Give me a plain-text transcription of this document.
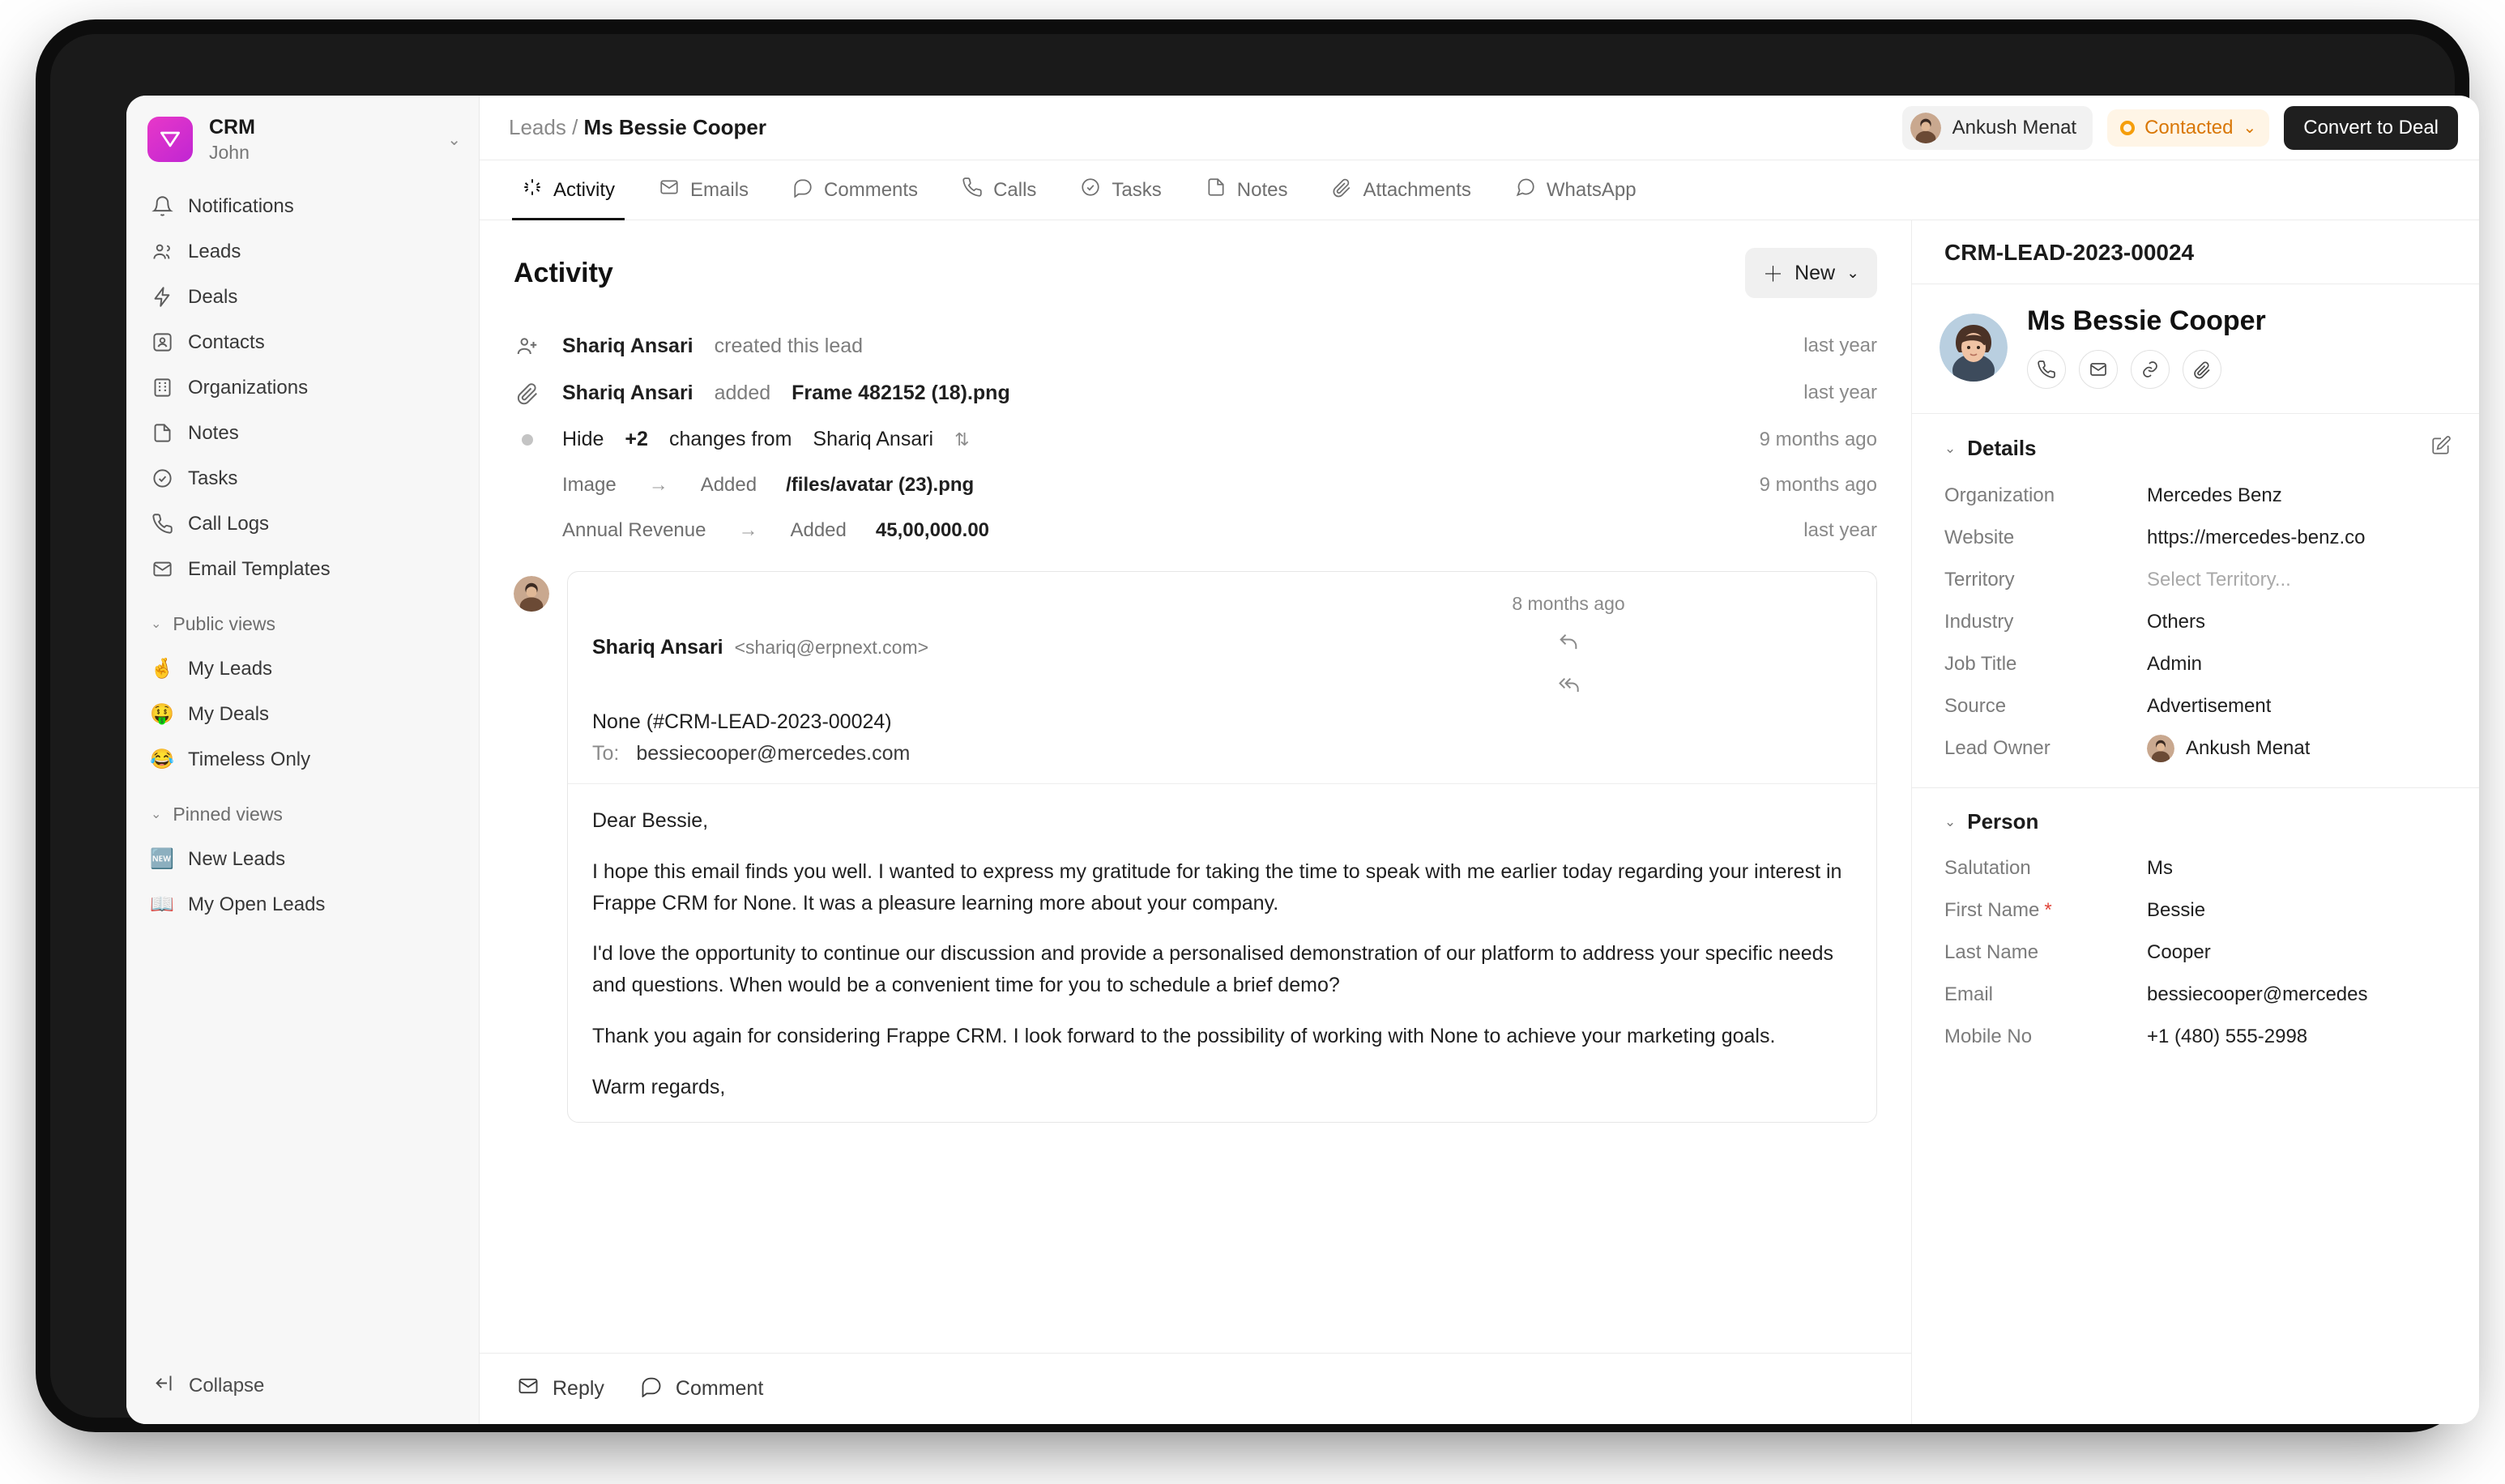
CRM
John
⌄
Notifications
Leads
Deals
Contacts
Organizations
Notes
Tasks
Call Logs
Email Templates
⌄ Public views
🤞 My Leads
🤑 My Deals
😂 Timeless Only
⌄ Pinned views
🆕 New Leads
📖 My Open Leads
Collapse
Leads / Ms Bessie Cooper	Ankush Menat	Contacted ⌄	Convert to Deal
Activity	Emails	Comments	Calls	Tasks	Notes	Attachments	WhatsApp
Activity	＋ New ⌄
Shariq Ansari created this lead	last year
Shariq Ansari added Frame 482152 (18).png	last year
Hide +2 changes from Shariq Ansari ⇅	9 months ago
Image → Added /files/avatar (23).png	9 months ago
Annual Revenue → Added 45,00,000.00	last year
Shariq Ansari <shariq@erpnext.com>
8 months ago
None (#CRM-LEAD-2023-00024)
To: bessiecooper@mercedes.com

Dear Bessie,

I hope this email finds you well. I wanted to express my gratitude for taking the time to speak with me earlier today regarding your interest in Frappe CRM for None. It was a pleasure learning more about your company.

I'd love the opportunity to continue our discussion and provide a personalised demonstration of our platform to address your specific needs and questions. When would be a convenient time for you to schedule a brief demo?

Thank you again for considering Frappe CRM. I look forward to the possibility of working with None to achieve your marketing goals.

Warm regards,

Reply	Comment
CRM-LEAD-2023-00024
Ms Bessie Cooper
⌄ Details
Organization	Mercedes Benz
Website	https://mercedes-benz.co
Territory	Select Territory...
Industry	Others
Job Title	Admin
Source	Advertisement
Lead Owner	Ankush Menat
⌄ Person
Salutation	Ms
First Name *	Bessie
Last Name	Cooper
Email	bessiecooper@mercedes
Mobile No	+1 (480) 555-2998
